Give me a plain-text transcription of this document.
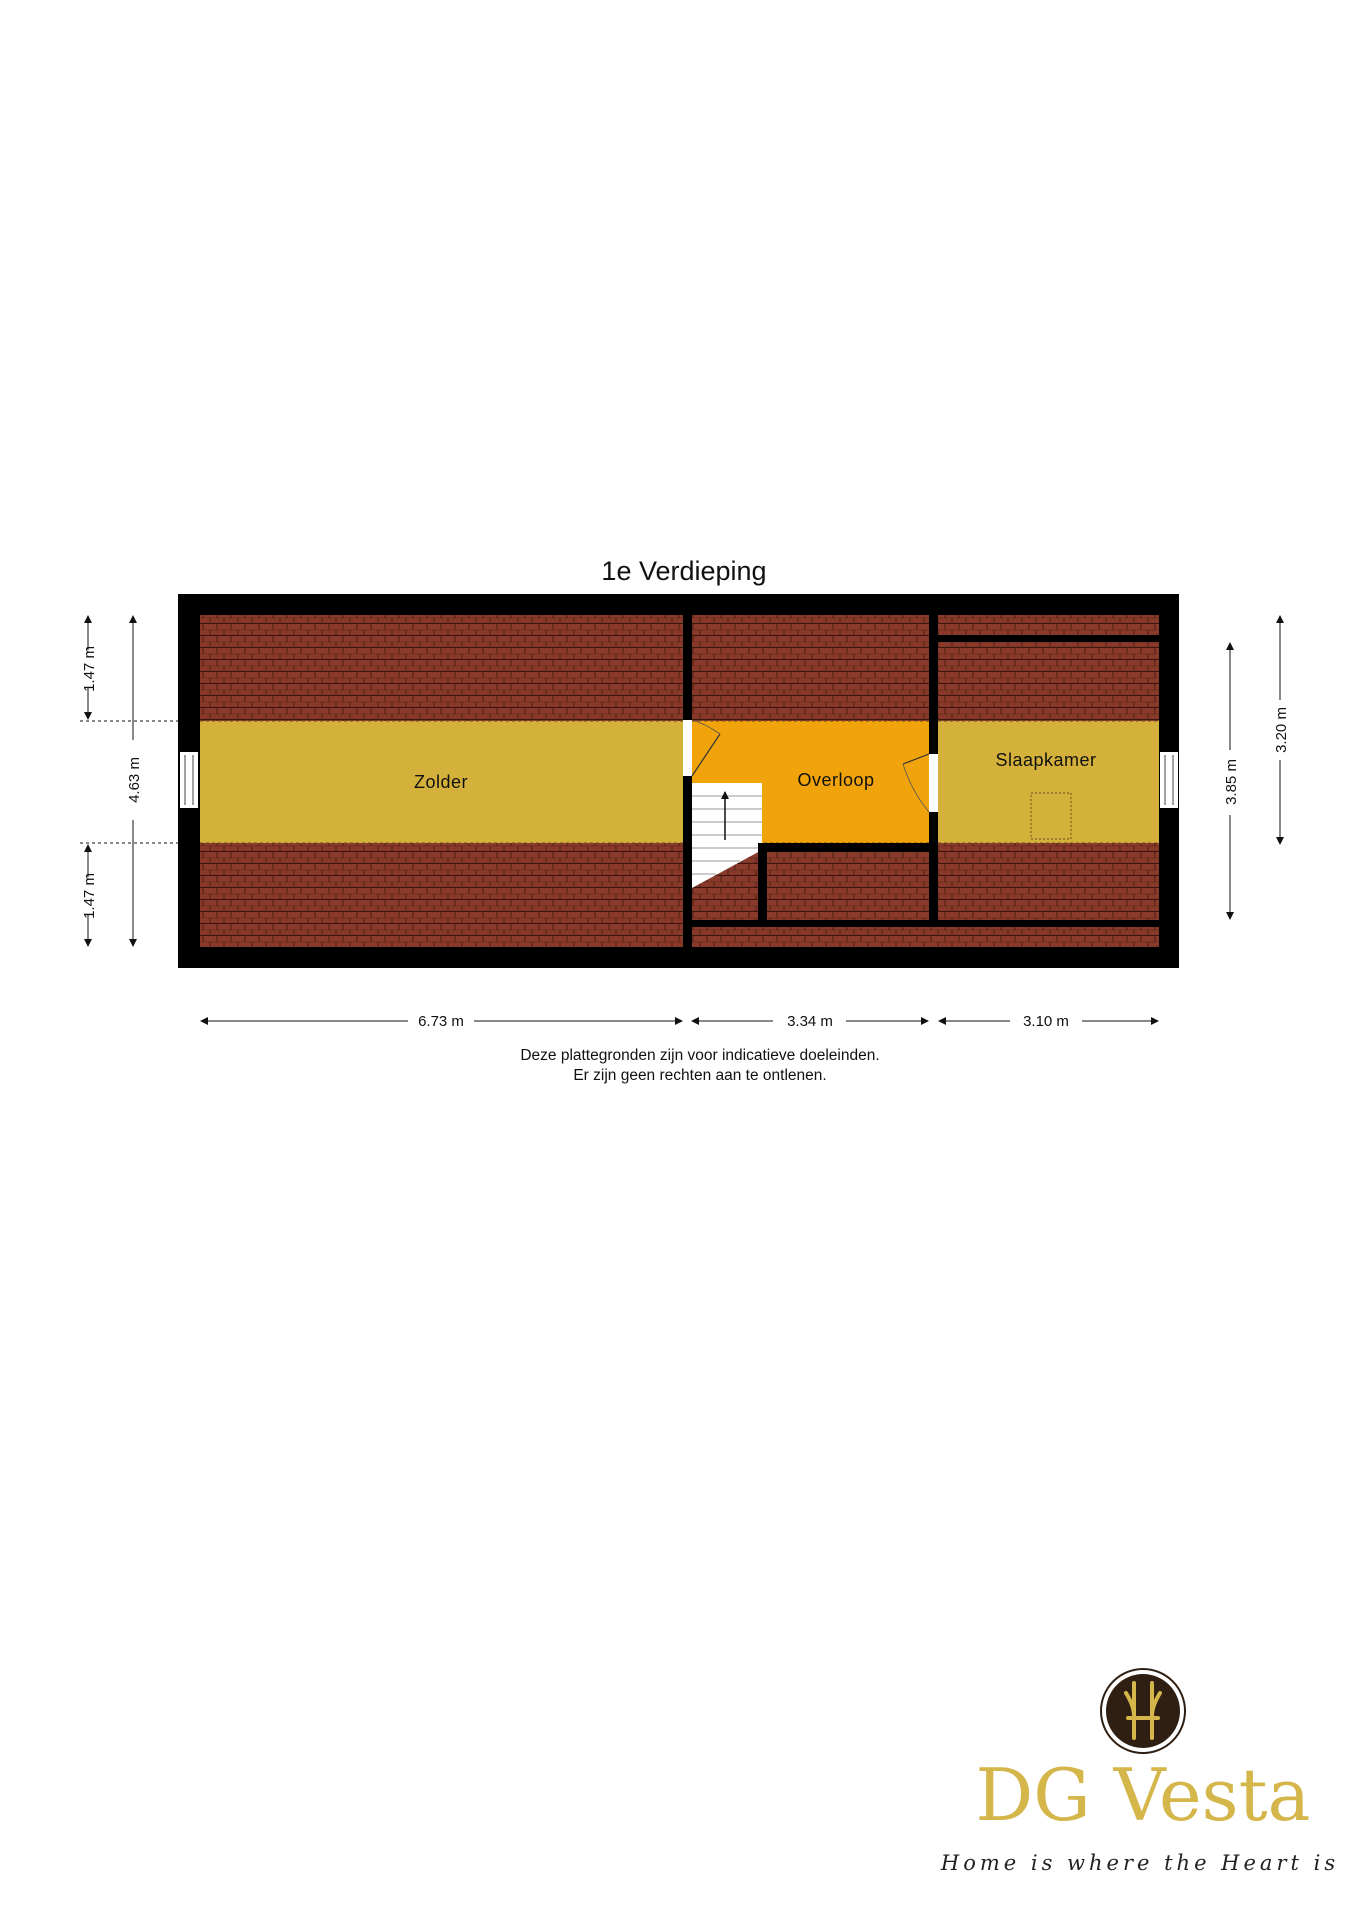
1e Verdieping
Zolder	Overloop
Slaapkamer
1.47 m
1.47 m
4.63 m	3.85 m
3.20 m
6.73 m	3.34 m	3.10 m
Deze plattegronden zijn voor indicatieve doeleinden.
Er zijn geen rechten aan te ontlenen.
DG Vesta
Home is where the Heart is
